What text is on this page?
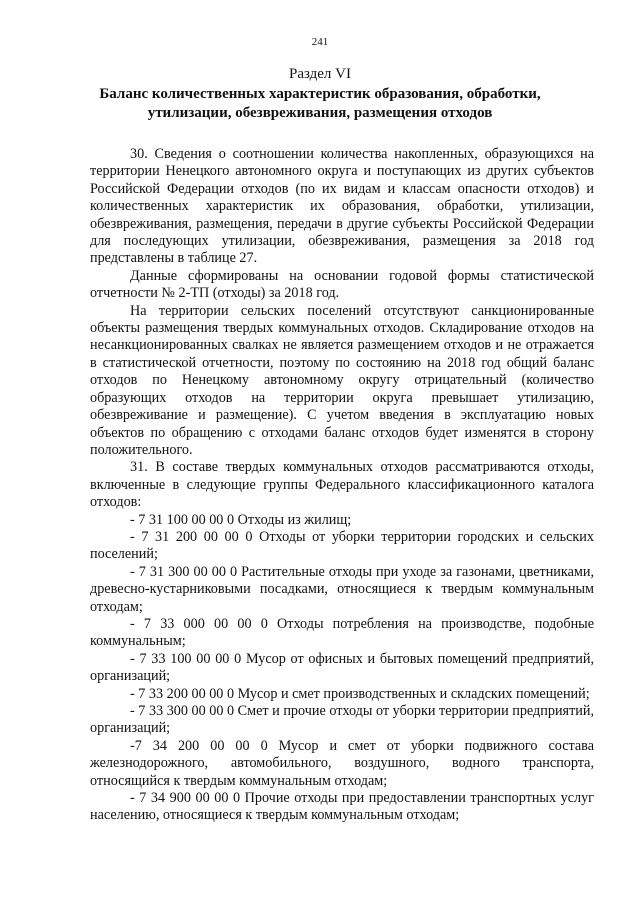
241
Раздел VI
Баланс количественных характеристик образования, обработки,
утилизации, обезвреживания, размещения отходов

30. Сведения о соотношении количества накопленных, образующихся на территории Ненецкого автономного округа и поступающих из других субъектов Российской Федерации отходов (по их видам и классам опасности отходов) и количественных характеристик их образования, обработки, утилизации, обезвреживания, размещения, передачи в другие субъекты Российской Федерации для последующих утилизации, обезвреживания, размещения за 2018 год представлены в таблице 27.

Данные сформированы на основании годовой формы статистической отчетности № 2-ТП (отходы) за 2018 год.

На территории сельских поселений отсутствуют санкционированные объекты размещения твердых коммунальных отходов. Складирование отходов на несанкционированных свалках не является размещением отходов и не отражается в статистической отчетности, поэтому по состоянию на 2018 год общий баланс отходов по Ненецкому автономному округу отрицательный (количество образующих отходов на территории округа превышает утилизацию, обезвреживание и размещение). С учетом введения в эксплуатацию новых объектов по обращению с отходами баланс отходов будет изменятся в сторону положительного.

31. В составе твердых коммунальных отходов рассматриваются отходы, включенные в следующие группы Федерального классификационного каталога отходов:

- 7 31 100 00 00 0 Отходы из жилищ;

- 7 31 200 00 00 0 Отходы от уборки территории городских и сельских поселений;

- 7 31 300 00 00 0 Растительные отходы при уходе за газонами, цветниками, древесно-кустарниковыми посадками, относящиеся к твердым коммунальным отходам;

- 7 33 000 00 00 0 Отходы потребления на производстве, подобные коммунальным;

- 7 33 100 00 00 0 Мусор от офисных и бытовых помещений предприятий, организаций;

- 7 33 200 00 00 0 Мусор и смет производственных и складских помещений;

- 7 33 300 00 00 0 Смет и прочие отходы от уборки территории предприятий, организаций;

-7 34 200 00 00 0 Мусор и смет от уборки подвижного состава железнодорожного, автомобильного, воздушного, водного транспорта, относящийся к твердым коммунальным отходам;

- 7 34 900 00 00 0 Прочие отходы при предоставлении транспортных услуг населению, относящиеся к твердым коммунальным отходам;
